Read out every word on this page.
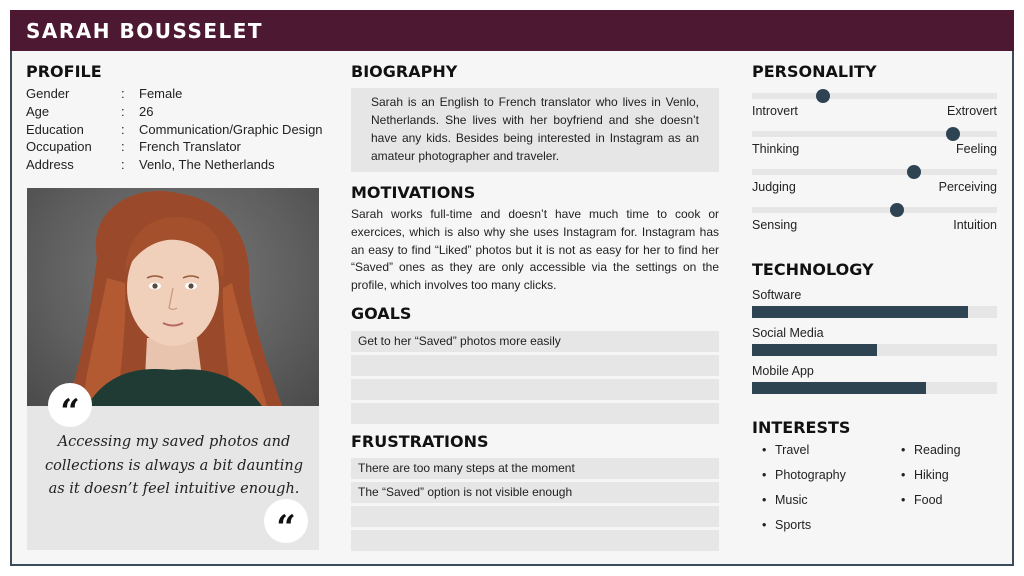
SARAH BOUSSELET
PROFILE
Gender	: Female
Age	: 26
Education	: Communication/Graphic Design
Occupation : French Translator
Address	: Venlo, The Netherlands
“
Accessing my saved photos and collections is always a bit daunting as it doesn’t feel intuitive enough.
“
BIOGRAPHY
Sarah is an English to French translator who lives in Venlo, Netherlands. She lives with her boyfriend and she doesn’t have any kids. Besides being interested in Instagram as an amateur photographer and traveler.
MOTIVATIONS
Sarah works full-time and doesn’t have much time to cook or exercices, which is also why she uses Instagram for. Instagram has an easy to find “Liked” photos but it is not as easy for her to find her “Saved” ones as they are only accessible via the settings on the profile, which involves too many clicks.
GOALS
Get to her “Saved” photos more easily
FRUSTRATIONS
There are too many steps at the moment
The “Saved” option is not visible enough
PERSONALITY
Introvert	Extrovert
Thinking	Feeling
Judging	Perceiving
Sensing	Intuition
TECHNOLOGY
Software
Social Media
Mobile App
INTERESTS
• Travel
• Photography
• Music
• Sports
• Reading
• Hiking
• Food
